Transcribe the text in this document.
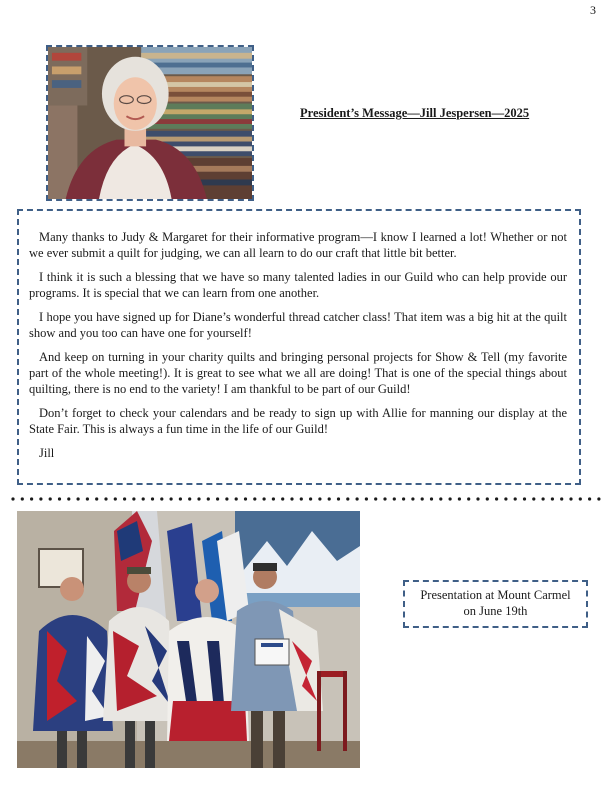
3
President’s Message—Jill Jespersen—2025

Many thanks to Judy & Margaret for their informative program—I know I learned a lot! Whether or not we ever submit a quilt for judging, we can all learn to do our craft that little bit better.

I think it is such a blessing that we have so many talented ladies in our Guild who can help provide our programs. It is special that we can learn from one another.

I hope you have signed up for Diane’s wonderful thread catcher class! That item was a big hit at the quilt show and you too can have one for yourself!

And keep on turning in your charity quilts and bringing personal projects for Show & Tell (my favorite part of the whole meeting!). It is great to see what we all are doing! That is one of the special things about quilting, there is no end to the variety! I am thankful to be part of our Guild!

Don’t forget to check your calendars and be ready to sign up with Allie for manning our display at the State Fair. This is always a fun time in the life of our Guild!

Jill

Presentation at Mount Carmel
on June 19th
